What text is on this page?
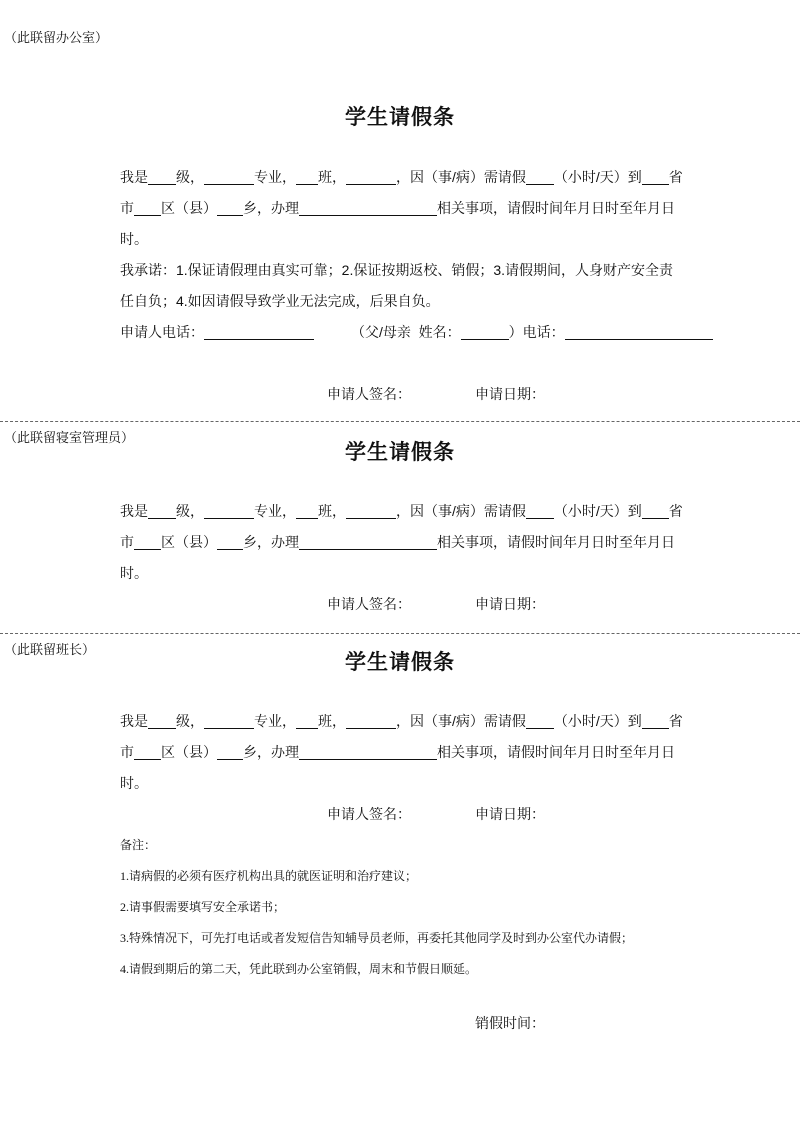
（此联留办公室）
学生请假条
我是 级，	专业， 班，	，因（事/病）需请假 （小时/天）到 省
市 区（县） 乡，办理	相关事项，请假时间年月日时至年月日
时。
我承诺：1.保证请假理由真实可靠；2.保证按期返校、销假；3.请假期间，人身财产安全责
任自负；4.如因请假导致学业无法完成，后果自负。
申请人电话：	（父/母亲  姓名：	）电话：
申请人签名：	申请日期：
（此联留寝室管理员）
学生请假条
我是 级，	专业， 班，	，因（事/病）需请假 （小时/天）到 省
市 区（县） 乡，办理	相关事项，请假时间年月日时至年月日
时。
申请人签名：	申请日期：
（此联留班长）
学生请假条
我是 级，	专业， 班，	，因（事/病）需请假 （小时/天）到 省
市 区（县） 乡，办理	相关事项，请假时间年月日时至年月日
时。
申请人签名：	申请日期：
备注：
1.请病假的必须有医疗机构出具的就医证明和治疗建议；
2.请事假需要填写安全承诺书；
3.特殊情况下，可先打电话或者发短信告知辅导员老师，再委托其他同学及时到办公室代办请假；
4.请假到期后的第二天，凭此联到办公室销假，周末和节假日顺延。
销假时间：
